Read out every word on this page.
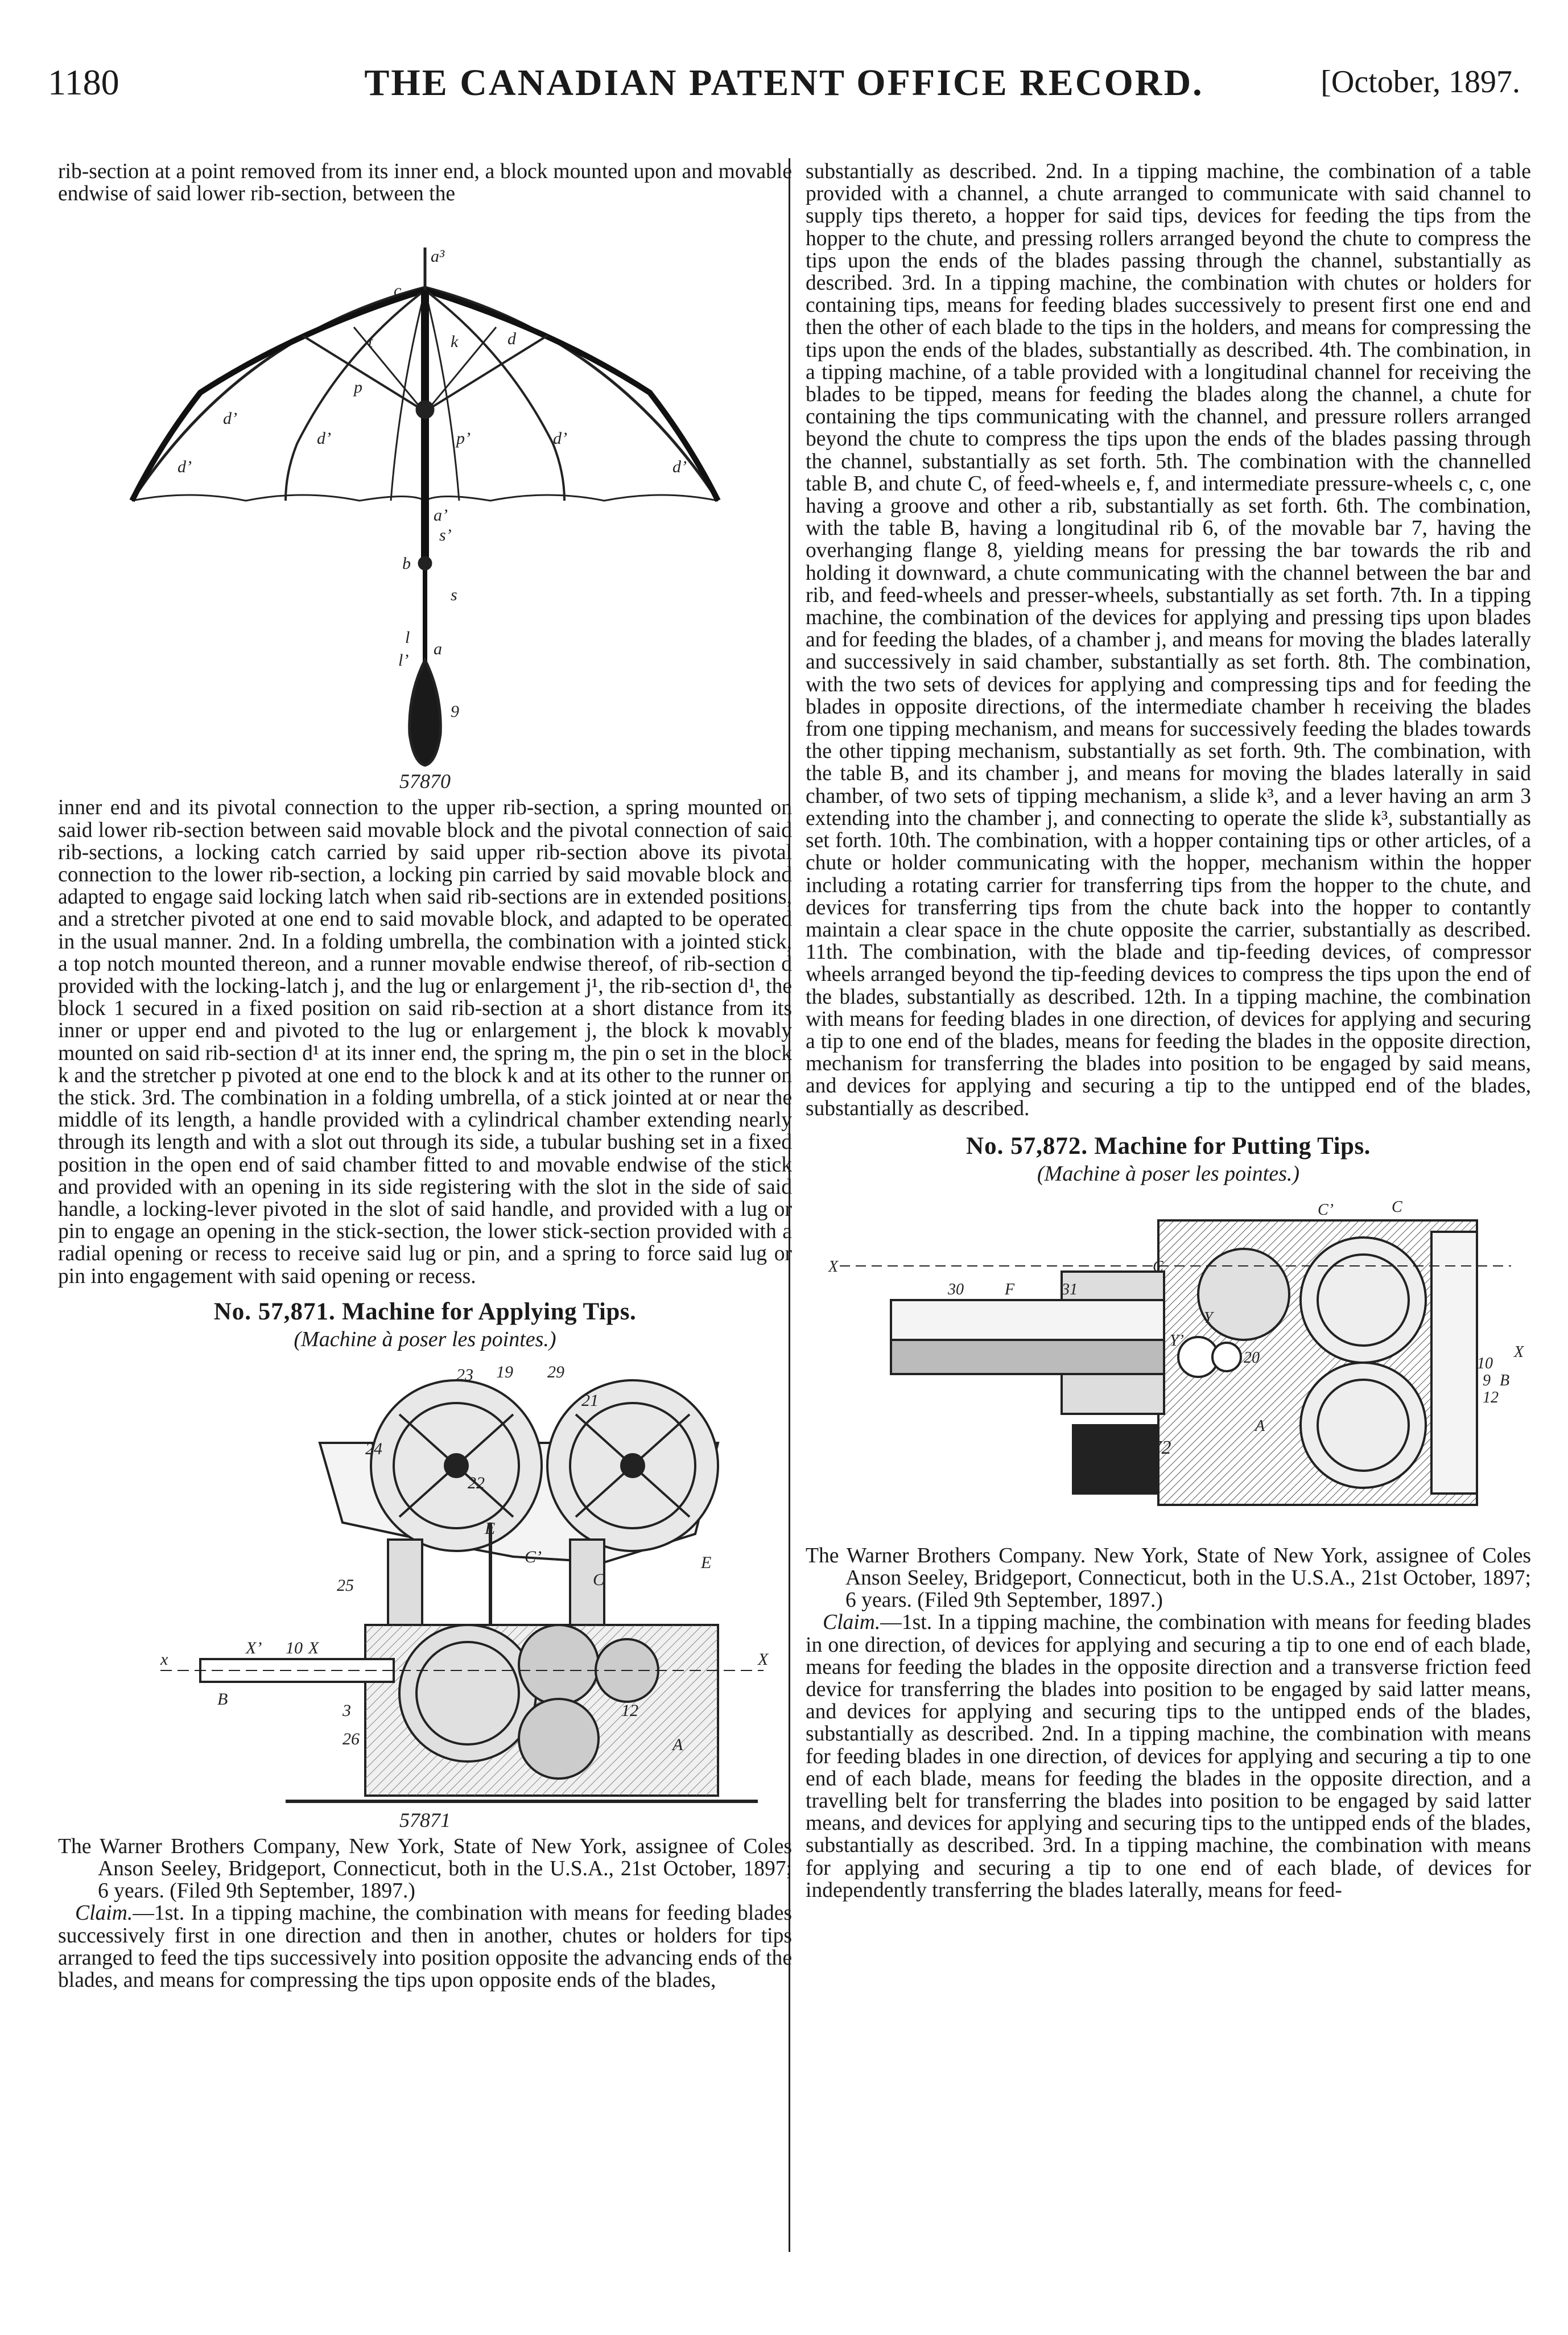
1180	THE CANADIAN PATENT OFFICE RECORD.	[October, 1897.

rib-section at a point removed from its inner end, a block mounted upon and movable endwise of said lower rib-section, between the

a³
c
t	k	d
d’
p
d’	p’	d’
d’	d’
a’
s’
b
s
l
a
l’
9
57870

inner end and its pivotal connection to the upper rib-section, a spring mounted on said lower rib-section between said movable block and the pivotal connection of said rib-sections, a locking catch carried by said upper rib-section above its pivotal connection to the lower rib-section, a locking pin carried by said movable block and adapted to engage said locking latch when said rib-sections are in extended positions, and a stretcher pivoted at one end to said movable block, and adapted to be operated in the usual manner. 2nd. In a folding umbrella, the combination with a jointed stick, a top notch mounted thereon, and a runner movable endwise thereof, of rib-section d provided with the locking-latch j, and the lug or enlargement j¹, the rib-section d¹, the block 1 secured in a fixed position on said rib-section at a short distance from its inner or upper end and pivoted to the lug or enlargement j, the block k movably mounted on said rib-section d¹ at its inner end, the spring m, the pin o set in the block k and the stretcher p pivoted at one end to the block k and at its other to the runner on the stick. 3rd. The combination in a folding umbrella, of a stick jointed at or near the middle of its length, a handle provided with a cylindrical chamber extending nearly through its length and with a slot out through its side, a tubular bushing set in a fixed position in the open end of said chamber fitted to and movable endwise of the stick and provided with an opening in its side registering with the slot in the side of said handle, a locking-lever pivoted in the slot of said handle, and provided with a lug or pin to engage an opening in the stick-section, the lower stick-section provided with a radial opening or recess to receive said lug or pin, and a spring to force said lug or pin into engagement with said opening or recess.

No. 57,871. Machine for Applying Tips.

(Machine à poser les pointes.)

23 19 29
21
24
22
E
E
C’
C
25
x
X’ 10 X
X
B
3
26	A
12
57871

The Warner Brothers Company, New York, State of New York, assignee of Coles Anson Seeley, Bridgeport, Connecticut, both in the U.S.A., 21st October, 1897; 6 years. (Filed 9th September, 1897.)

Claim.—1st. In a tipping machine, the combination with means for feeding blades successively first in one direction and then in another, chutes or holders for tips arranged to feed the tips successively into position opposite the advancing ends of the blades, and means for compressing the tips upon opposite ends of the blades,

substantially as described. 2nd. In a tipping machine, the combination of a table provided with a channel, a chute arranged to communicate with said channel to supply tips thereto, a hopper for said tips, devices for feeding the tips from the hopper to the chute, and pressing rollers arranged beyond the chute to compress the tips upon the ends of the blades passing through the channel, substantially as described. 3rd. In a tipping machine, the combination with chutes or holders for containing tips, means for feeding blades successively to present first one end and then the other of each blade to the tips in the holders, and means for compressing the tips upon the ends of the blades, substantially as described. 4th. The combination, in a tipping machine, of a table provided with a longitudinal channel for receiving the blades to be tipped, means for feeding the blades along the channel, a chute for containing the tips communicating with the channel, and pressure rollers arranged beyond the chute to compress the tips upon the ends of the blades passing through the channel, substantially as set forth. 5th. The combination with the channelled table B, and chute C, of feed-wheels e, f, and intermediate pressure-wheels c, c, one having a groove and other a rib, substantially as set forth. 6th. The combination, with the table B, having a longitudinal rib 6, of the movable bar 7, having the overhanging flange 8, yielding means for pressing the bar towards the rib and holding it downward, a chute communicating with the channel between the bar and rib, and feed-wheels and presser-wheels, substantially as set forth. 7th. In a tipping machine, the combination of the devices for applying and pressing tips upon blades and for feeding the blades, of a chamber j, and means for moving the blades laterally and successively in said chamber, substantially as set forth. 8th. The combination, with the two sets of devices for applying and compressing tips and for feeding the blades in opposite directions, of the intermediate chamber h receiving the blades from one tipping mechanism, and means for successively feeding the blades towards the other tipping mechanism, substantially as set forth. 9th. The combination, with the table B, and its chamber j, and means for moving the blades laterally in said chamber, of two sets of tipping mechanism, a slide k³, and a lever having an arm 3 extending into the chamber j, and connecting to operate the slide k³, substantially as set forth. 10th. The combination, with a hopper containing tips or other articles, of a chute or holder communicating with the hopper, mechanism within the hopper including a rotating carrier for transferring tips from the hopper to the chute, and devices for transferring tips from the chute back into the hopper to contantly maintain a clear space in the chute opposite the carrier, substantially as described. 11th. The combination, with the blade and tip-feeding devices, of compressor wheels arranged beyond the tip-feeding devices to compress the tips upon the end of the blades, substantially as described. 12th. In a tipping machine, the combination with means for feeding blades in one direction, of devices for applying and securing a tip to one end of the blades, means for feeding the blades in the opposite direction, mechanism for transferring the blades into position to be engaged by said means, and devices for applying and securing a tip to the untipped end of the blades, substantially as described.

No. 57,872. Machine for Putting Tips.

(Machine à poser les pointes.)

C’	C
X
30	F	31
C
X
Y’
Y
20	10
9 B
12
A
57872

The Warner Brothers Company. New York, State of New York, assignee of Coles Anson Seeley, Bridgeport, Connecticut, both in the U.S.A., 21st October, 1897; 6 years. (Filed 9th September, 1897.)

Claim.—1st. In a tipping machine, the combination with means for feeding blades in one direction, of devices for applying and securing a tip to one end of each blade, means for feeding the blades in the opposite direction and a transverse friction feed device for transferring the blades into position to be engaged by said latter means, and devices for applying and securing tips to the untipped ends of the blades, substantially as described. 2nd. In a tipping machine, the combination with means for feeding blades in one direction, of devices for applying and securing a tip to one end of each blade, means for feeding the blades in the opposite direction, and a travelling belt for transferring the blades into position to be engaged by said latter means, and devices for applying and securing tips to the untipped ends of the blades, substantially as described. 3rd. In a tipping machine, the combination with means for applying and securing a tip to one end of each blade, of devices for independently transferring the blades laterally, means for feed-
